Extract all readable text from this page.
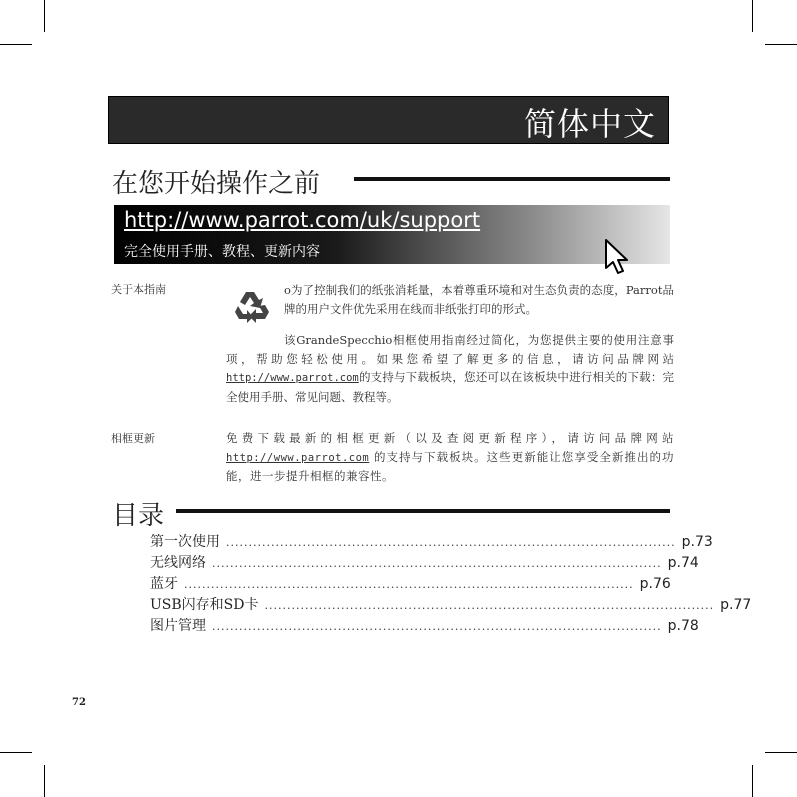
简体中文
在您开始操作之前
http://www.parrot.com/uk/support
完全使用手册、教程、更新内容
关于本指南	o为了控制我们的纸张消耗量，本着尊重环境和对生态负责的态度，Parrot品牌的用户文件优先采用在线而非纸张打印的形式。
该GrandeSpecchio相框使用指南经过简化，为您提供主要的使用注意事项，帮助您轻松使用。如果您希望了解更多的信息，请访问品牌网站http://www.parrot.com的支持与下载板块，您还可以在该板块中进行相关的下载：完全使用手册、常见问题、教程等。
相框更新	免费下载最新的相框更新（以及查阅更新程序），请访问品牌网站http://www.parrot.com 的支持与下载板块。这些更新能让您享受全新推出的功能，进一步提升相框的兼容性。
目录
第一次使用 .................................................................................................... p.73
无线网络 .................................................................................................... p.74
蓝牙 .................................................................................................... p.76
USB闪存和SD卡 .................................................................................................... p.77
图片管理 .................................................................................................... p.78
72
